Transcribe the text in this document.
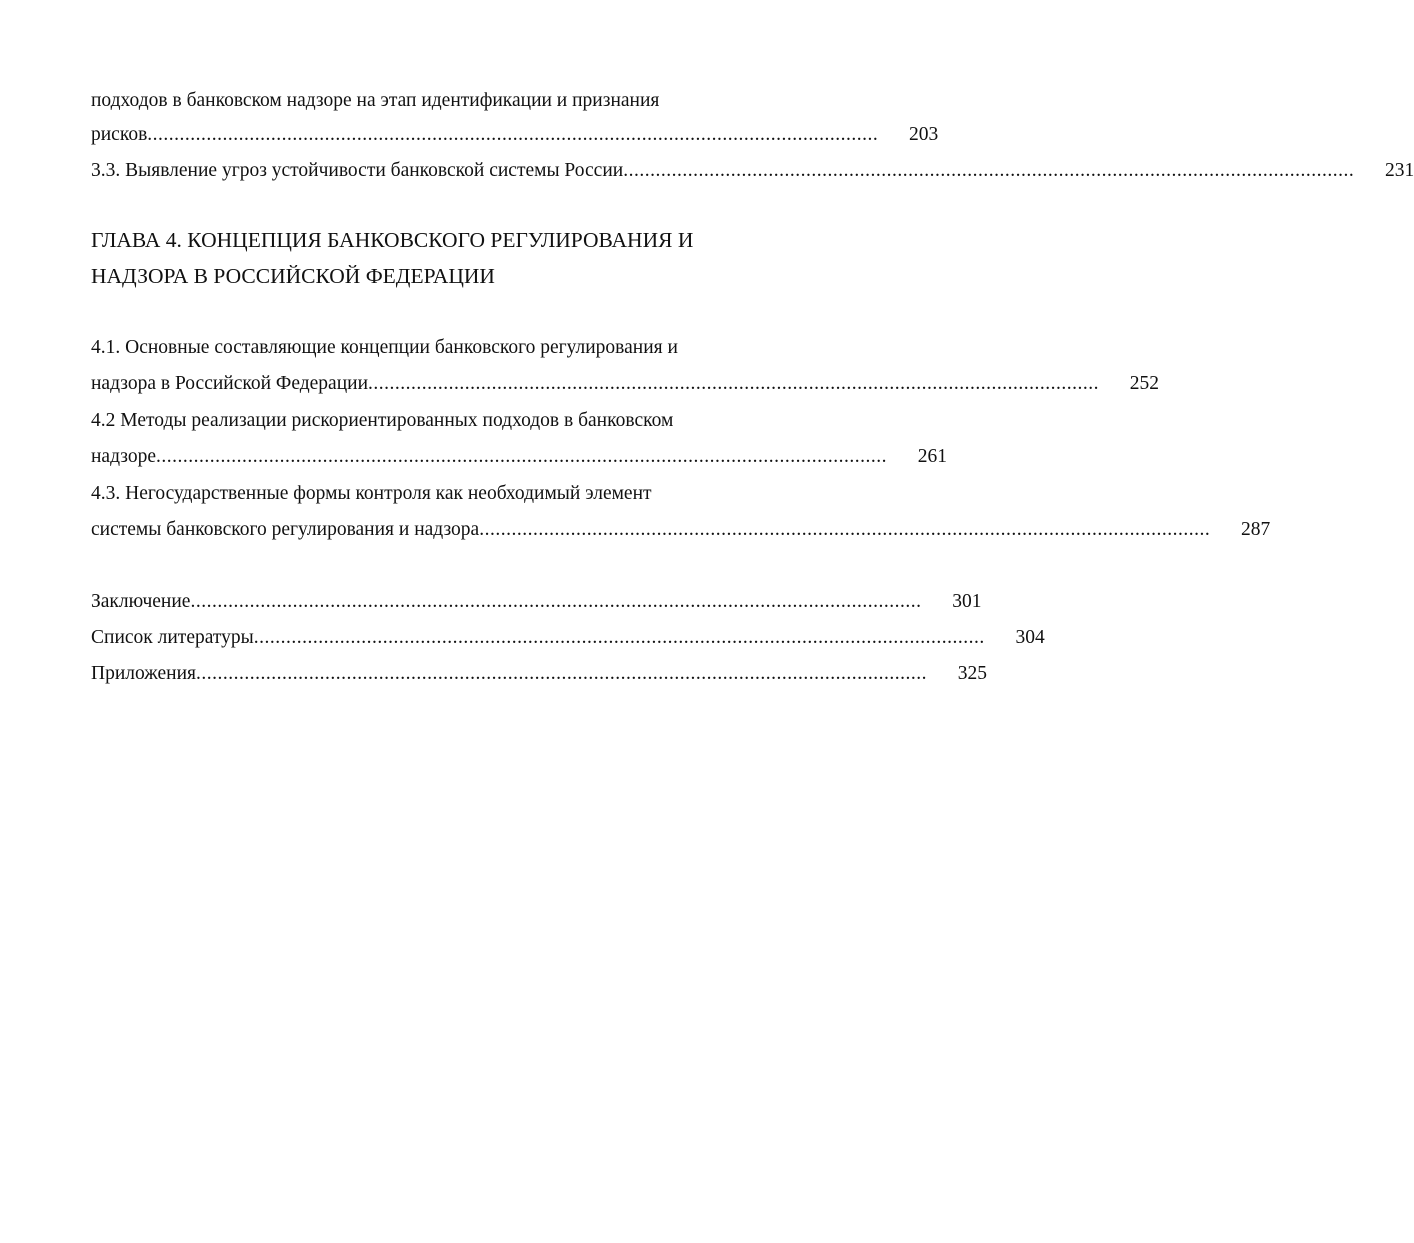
подходов в банковском надзоре на этап идентификации и признания
рисков ........................................................................................................................................ 203
3.3. Выявление угроз устойчивости банковской системы России ........................................................................................................................................ 231
ГЛАВА 4. КОНЦЕПЦИЯ БАНКОВСКОГО РЕГУЛИРОВАНИЯ И
НАДЗОРА В РОССИЙСКОЙ ФЕДЕРАЦИИ
4.1. Основные составляющие концепции банковского регулирования и
надзора в Российской Федерации ........................................................................................................................................ 252
4.2 Методы реализации рискориентированных подходов в банковском
надзоре ........................................................................................................................................ 261
4.3. Негосударственные формы контроля как необходимый элемент
системы банковского регулирования и надзора ........................................................................................................................................ 287
Заключение ........................................................................................................................................ 301
Список литературы ........................................................................................................................................ 304
Приложения ........................................................................................................................................ 325
